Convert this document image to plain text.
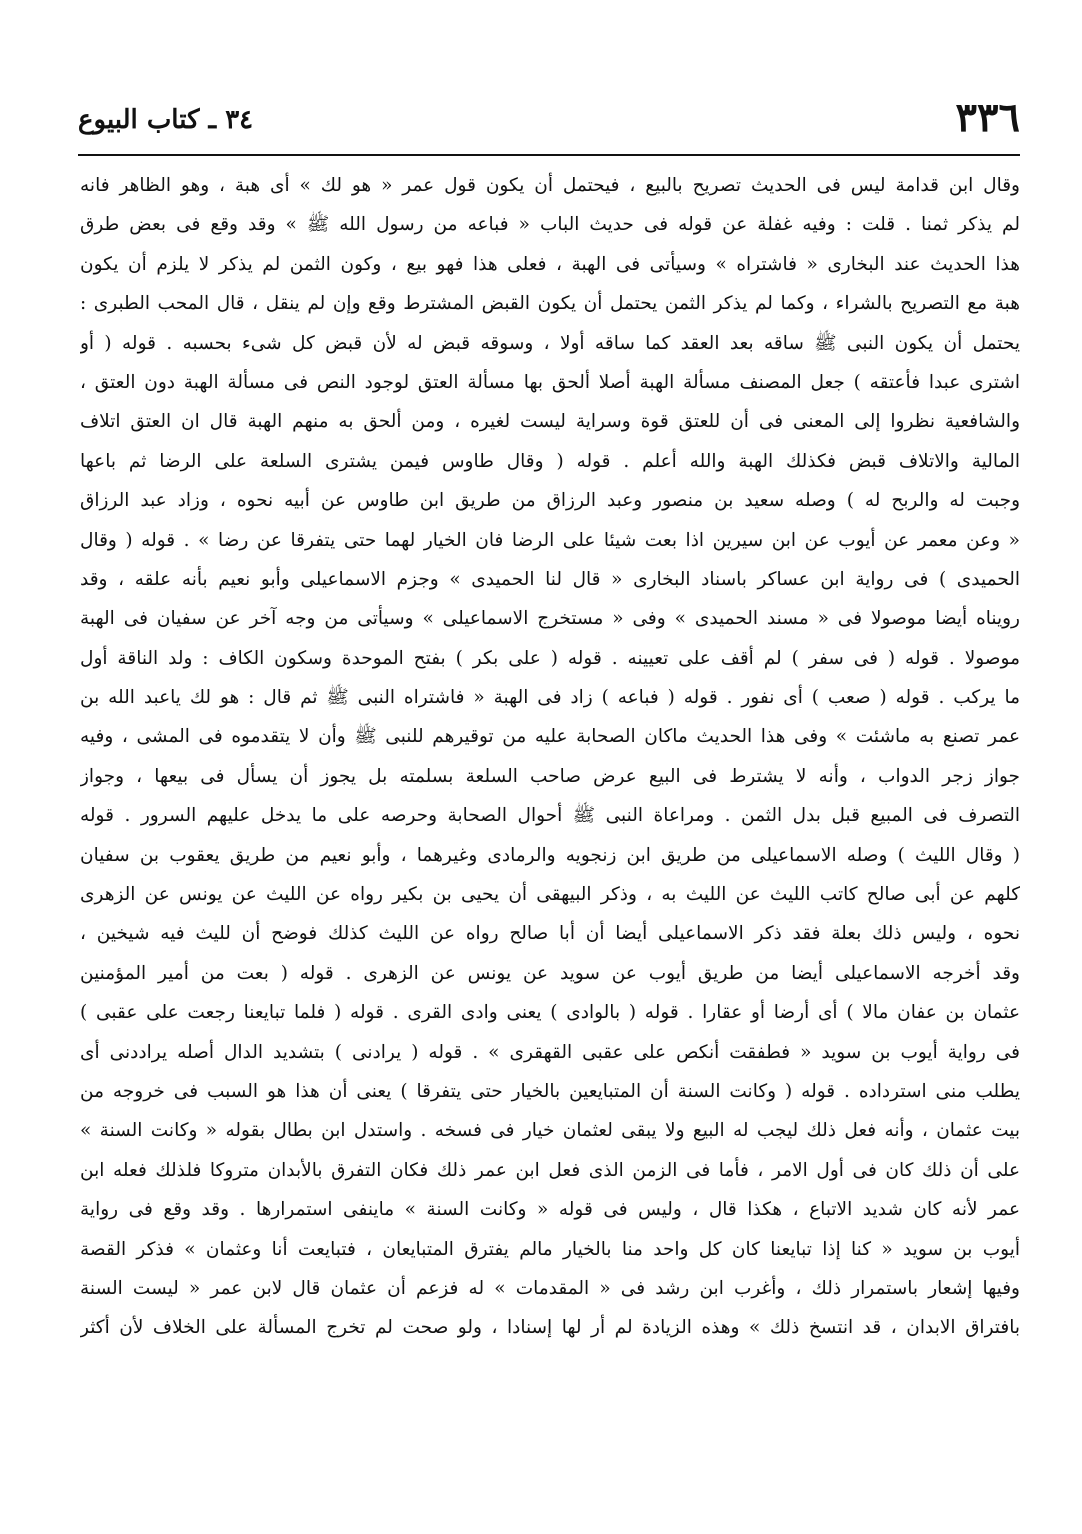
٣٣٦
٣٤ ـ كتاب البيوع
وقال ابن قدامة ليس فى الحديث تصريح بالبيع ، فيحتمل أن يكون قول عمر « هو لك » أى هبة ، وهو الظاهر فانه
لم يذكر ثمنا . قلت : وفيه غفلة عن قوله فى حديث الباب « فباعه من رسول الله ﷺ » وقد وقع فى بعض طرق
هذا الحديث عند البخارى « فاشتراه » وسيأتى فى الهبة ، فعلى هذا فهو بيع ، وكون الثمن لم يذكر لا يلزم أن يكون
هبة مع التصريح بالشراء ، وكما لم يذكر الثمن يحتمل أن يكون القبض المشترط وقع وإن لم ينقل ، قال المحب الطبرى :
يحتمل أن يكون النبى ﷺ ساقه بعد العقد كما ساقه أولا ، وسوقه قبض له لأن قبض كل شىء بحسبه . قوله ( أو
اشترى عبدا فأعتقه ) جعل المصنف مسألة الهبة أصلا ألحق بها مسألة العتق لوجود النص فى مسألة الهبة دون العتق ،
والشافعية نظروا إلى المعنى فى أن للعتق قوة وسراية ليست لغيره ، ومن ألحق به منهم الهبة قال ان العتق اتلاف
المالية والاتلاف قبض فكذلك الهبة والله أعلم . قوله ( وقال طاوس فيمن يشترى السلعة على الرضا ثم باعها
وجبت له والربح له ) وصله سعيد بن منصور وعبد الرزاق من طريق ابن طاوس عن أبيه نحوه ، وزاد عبد الرزاق
« وعن معمر عن أيوب عن ابن سيرين اذا بعت شيئا على الرضا فان الخيار لهما حتى يتفرقا عن رضا » . قوله ( وقال
الحميدى ) فى رواية ابن عساكر باسناد البخارى « قال لنا الحميدى » وجزم الاسماعيلى وأبو نعيم بأنه علقه ، وقد
رويناه أيضا موصولا فى « مسند الحميدى » وفى « مستخرج الاسماعيلى » وسيأتى من وجه آخر عن سفيان فى الهبة
موصولا . قوله ( فى سفر ) لم أقف على تعيينه . قوله ( على بكر ) بفتح الموحدة وسكون الكاف : ولد الناقة أول
ما يركب . قوله ( صعب ) أى نفور . قوله ( فباعه ) زاد فى الهبة « فاشتراه النبى ﷺ ثم قال : هو لك ياعبد الله بن
عمر تصنع به ماشئت » وفى هذا الحديث ماكان الصحابة عليه من توقيرهم للنبى ﷺ وأن لا يتقدموه فى المشى ، وفيه
جواز زجر الدواب ، وأنه لا يشترط فى البيع عرض صاحب السلعة بسلمته بل يجوز أن يسأل فى بيعها ، وجواز
التصرف فى المبيع قبل بدل الثمن . ومراعاة النبى ﷺ أحوال الصحابة وحرصه على ما يدخل عليهم السرور . قوله
( وقال الليث ) وصله الاسماعيلى من طريق ابن زنجويه والرمادى وغيرهما ، وأبو نعيم من طريق يعقوب بن سفيان
كلهم عن أبى صالح كاتب الليث عن الليث به ، وذكر البيهقى أن يحيى بن بكير رواه عن الليث عن يونس عن الزهرى
نحوه ، وليس ذلك بعلة فقد ذكر الاسماعيلى أيضا أن أبا صالح رواه عن الليث كذلك فوضح أن لليث فيه شيخين ،
وقد أخرجه الاسماعيلى أيضا من طريق أيوب عن سويد عن يونس عن الزهرى . قوله ( بعت من أمير المؤمنين
عثمان بن عفان مالا ) أى أرضا أو عقارا . قوله ( بالوادى ) يعنى وادى القرى . قوله ( فلما تبايعنا رجعت على عقبى )
فى رواية أيوب بن سويد « فطفقت أنكص على عقبى القهقرى » . قوله ( يرادنى ) بتشديد الدال أصله يراددنى أى
يطلب منى استرداده . قوله ( وكانت السنة أن المتبايعين بالخيار حتى يتفرقا ) يعنى أن هذا هو السبب فى خروجه من
بيت عثمان ، وأنه فعل ذلك ليجب له البيع ولا يبقى لعثمان خيار فى فسخه . واستدل ابن بطال بقوله « وكانت السنة »
على أن ذلك كان فى أول الامر ، فأما فى الزمن الذى فعل ابن عمر ذلك فكان التفرق بالأبدان متروكا فلذلك فعله ابن
عمر لأنه كان شديد الاتباع ، هكذا قال ، وليس فى قوله « وكانت السنة » ماينفى استمرارها . وقد وقع فى رواية
أيوب بن سويد « كنا إذا تبايعنا كان كل واحد منا بالخيار مالم يفترق المتبايعان ، فتبايعت أنا وعثمان » فذكر القصة
وفيها إشعار باستمرار ذلك ، وأغرب ابن رشد فى « المقدمات » له فزعم أن عثمان قال لابن عمر « ليست السنة
بافتراق الابدان ، قد انتسخ ذلك » وهذه الزيادة لم أر لها إسنادا ، ولو صحت لم تخرج المسألة على الخلاف لأن أكثر
